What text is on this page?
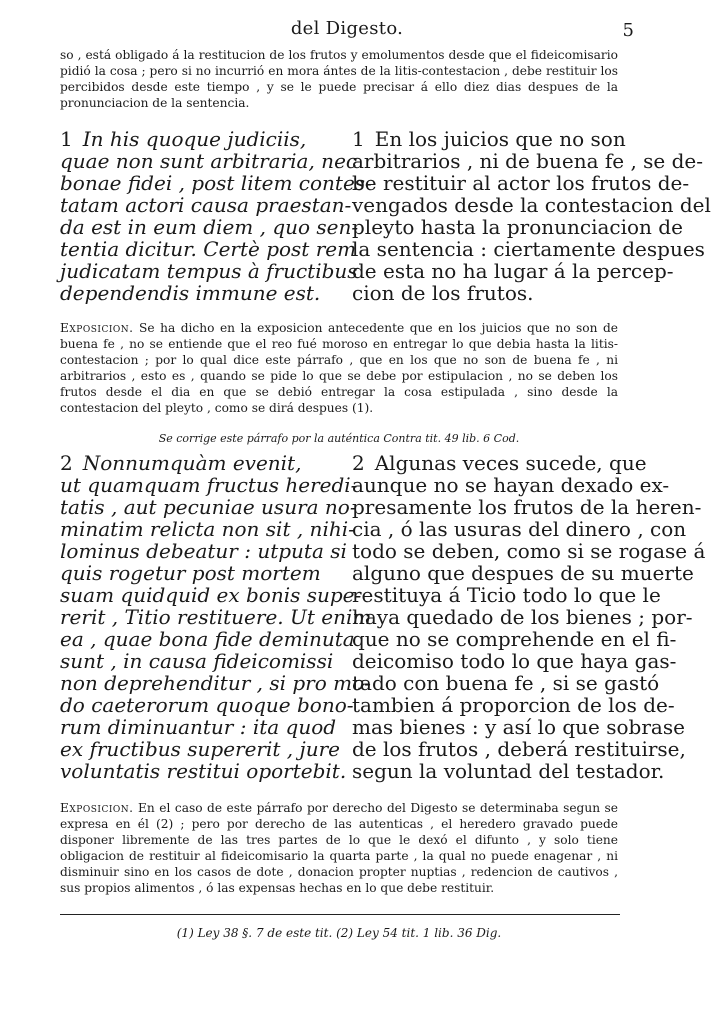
del Digesto.	5
so , está obligado á la restitucion de los frutos y emolumentos desde que el fideicomisario pidió la cosa ; pero si no incurrió en mora ántes de la litis-contestacion , debe restituir los percibidos desde este tiempo , y se le puede precisar á ello diez dias despues de la pronunciacion de la sentencia.
1 In his quoque judiciis,
quae non sunt arbitraria, nec
bonae fidei , post litem contes-
tatam actori causa praestan-
da est in eum diem , quo sen-
tentia dicitur. Certè post rem
judicatam tempus à fructibus
dependendis immune est.
1 En los juicios que no son
arbitrarios , ni de buena fe , se de-
be restituir al actor los frutos de-
vengados desde la contestacion del
pleyto hasta la pronunciacion de
la sentencia : ciertamente despues
de esta no ha lugar á la percep-
cion de los frutos.
Exposicion. Se ha dicho en la exposicion antecedente que en los juicios que no son de buena fe , no se entiende que el reo fué moroso en entregar lo que debia hasta la litis-contestacion ; por lo qual dice este párrafo , que en los que no son de buena fe , ni arbitrarios , esto es , quando se pide lo que se debe por estipulacion , no se deben los frutos desde el dia en que se debió entregar la cosa estipulada , sino desde la contestacion del pleyto , como se dirá despues (1).
Se corrige este párrafo por la auténtica Contra tit. 49 lib. 6 Cod.
2 Nonnumquàm evenit,
ut quamquam fructus heredi-
tatis , aut pecuniae usura no-
minatim relicta non sit , nihi-
lominus debeatur : utputa si
quis rogetur post mortem
suam quidquid ex bonis supe-
rerit , Titio restituere. Ut enim
ea , quae bona fide deminuta
sunt , in causa fideicomissi
non deprehenditur , si pro mo-
do caeterorum quoque bono-
rum diminuantur : ita quod
ex fructibus supererit , jure
voluntatis restitui oportebit.
2 Algunas veces sucede, que
aunque no se hayan dexado ex-
presamente los frutos de la heren-
cia , ó las usuras del dinero , con
todo se deben, como si se rogase á
alguno que despues de su muerte
restituya á Ticio todo lo que le
haya quedado de los bienes ; por-
que no se comprehende en el fi-
deicomiso todo lo que haya gas-
tado con buena fe , si se gastó
tambien á proporcion de los de-
mas bienes : y así lo que sobrase
de los frutos , deberá restituirse,
segun la voluntad del testador.
Exposicion. En el caso de este párrafo por derecho del Digesto se determinaba segun se expresa en él (2) ; pero por derecho de las autenticas , el heredero gravado puede disponer libremente de las tres partes de lo que le dexó el difunto , y solo tiene obligacion de restituir al fideicomisario la quarta parte , la qual no puede enagenar , ni disminuir sino en los casos de dote , donacion propter nuptias , redencion de cautivos , sus propios alimentos , ó las expensas hechas en lo que debe restituir.
(1) Ley 38 §. 7 de este tit. (2) Ley 54 tit. 1 lib. 36 Dig.
